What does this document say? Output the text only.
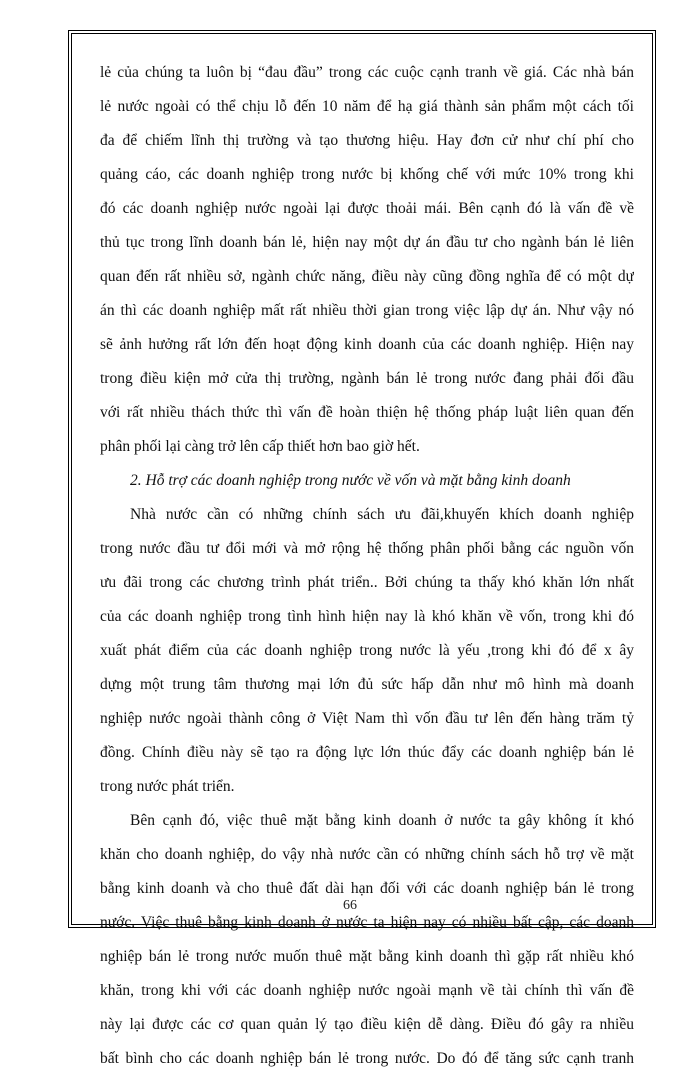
lẻ của chúng ta luôn bị “đau đầu” trong các cuộc cạnh tranh về giá. Các nhà bán
lẻ nước ngoài có thể chịu lỗ đến 10 năm để hạ giá thành sản phẩm một cách tối
đa để chiếm lĩnh thị trường và tạo thương hiệu. Hay đơn cử như chí phí cho
quảng cáo, các doanh nghiệp trong nước bị khống chế với mức 10% trong khi
đó các doanh nghiệp nước ngoài lại được thoải mái. Bên cạnh đó là vấn đề về
thủ tục trong lĩnh doanh bán lẻ, hiện nay một dự án đầu tư cho ngành bán lẻ liên
quan đến rất nhiều sở, ngành chức năng, điều này cũng đồng nghĩa để có một dự
án thì các doanh nghiệp mất rất nhiều thời gian trong việc lập dự án. Như vậy nó
sẽ ảnh hưởng rất lớn đến hoạt động kinh doanh của các doanh nghiệp. Hiện nay
trong điều kiện mở cửa thị trường, ngành bán lẻ trong nước đang phải đối đầu
với rất nhiều thách thức thì vấn đề hoàn thiện hệ thống pháp luật liên quan đến
phân phối lại càng trở lên cấp thiết hơn bao giờ hết.
2. Hỗ trợ các doanh nghiệp trong nước về vốn và mặt bằng kinh doanh
Nhà nước cần có những chính sách ưu đãi,khuyến khích doanh nghiệp
trong nước đầu tư đổi mới và mở rộng hệ thống phân phối bằng các nguồn vốn
ưu đãi trong các chương trình phát triển.. Bởi chúng ta thấy khó khăn lớn nhất
của các doanh nghiệp trong tình hình hiện nay là khó khăn về vốn, trong khi đó
xuất phát điểm của các doanh nghiệp trong nước là yếu ,trong khi đó để x ây
dựng một trung tâm thương mại lớn đủ sức hấp dẫn như mô hình mà doanh
nghiệp nước ngoài thành công ở Việt Nam thì vốn đầu tư lên đến hàng trăm tỷ
đồng. Chính điều này sẽ tạo ra động lực lớn thúc đẩy các doanh nghiệp bán lẻ
trong nước phát triển.
Bên cạnh đó, việc thuê mặt bằng kinh doanh ở nước ta gây không ít khó
khăn cho doanh nghiệp, do vậy nhà nước cần có những chính sách hỗ trợ về mặt
bằng kinh doanh và cho thuê đất dài hạn đối với các doanh nghiệp bán lẻ trong
nước. Việc thuê bằng kinh doanh ở nước ta hiện nay có nhiều bất cập, các doanh
nghiệp bán lẻ trong nước muốn thuê mặt bằng kinh doanh thì gặp rất nhiều khó
khăn, trong khi với các doanh nghiệp nước ngoài mạnh về tài chính thì vấn đề
này lại được các cơ quan quản lý tạo điều kiện dễ dàng. Điều đó gây ra nhiều
bất bình cho các doanh nghiệp bán lẻ trong nước. Do đó để tăng sức cạnh tranh
66
